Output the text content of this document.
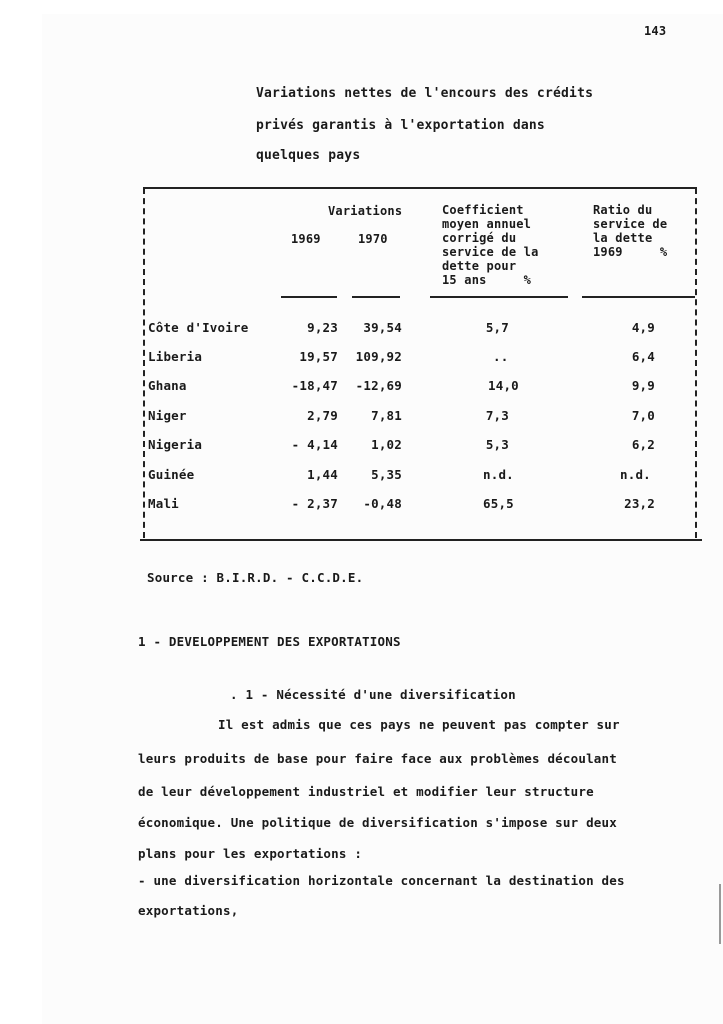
143
Variations nettes de l'encours des crédits
privés garantis à l'exportation dans
quelques pays
Variations
1969	1970
Coefficient
moyen annuel
corrigé du
service de la
dette pour
15 ans     %
Ratio du
service de
la dette
1969     %
Côte d'Ivoire	9,23	39,54	5,7	4,9
Liberia	19,57	109,92	..	6,4
Ghana	-18,47	-12,69	14,0	9,9
Niger	2,79	7,81	7,3	7,0
Nigeria	- 4,14	1,02	5,3	6,2
Guinée	1,44	5,35	n.d.	n.d.
Mali	- 2,37	-0,48	65,5	23,2
Source : B.I.R.D. - C.C.D.E.
1 - DEVELOPPEMENT DES EXPORTATIONS
. 1 - Nécessité d'une diversification
Il est admis que ces pays ne peuvent pas compter sur
leurs produits de base pour faire face aux problèmes découlant
de leur développement industriel et modifier leur structure
économique. Une politique de diversification s'impose sur deux
plans pour les exportations :
- une diversification horizontale concernant la destination des
exportations,
